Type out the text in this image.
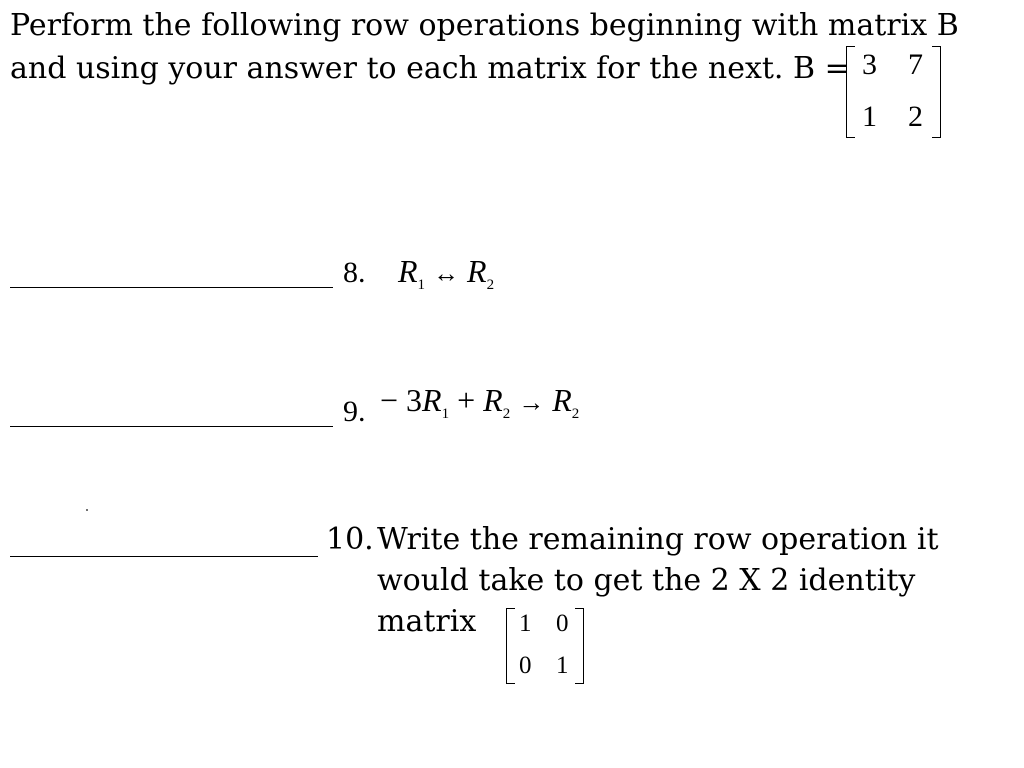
Perform the following row operations beginning with matrix B
and using your answer to each matrix for the next. B = 3 7
1 2
8. $R_1$ ↔ $R_2$
9. − $3R_1 + R_2 \to R_2$
10. Write the remaining row operation it
would take to get the 2 X 2 identity
matrix	1 0
0 1
